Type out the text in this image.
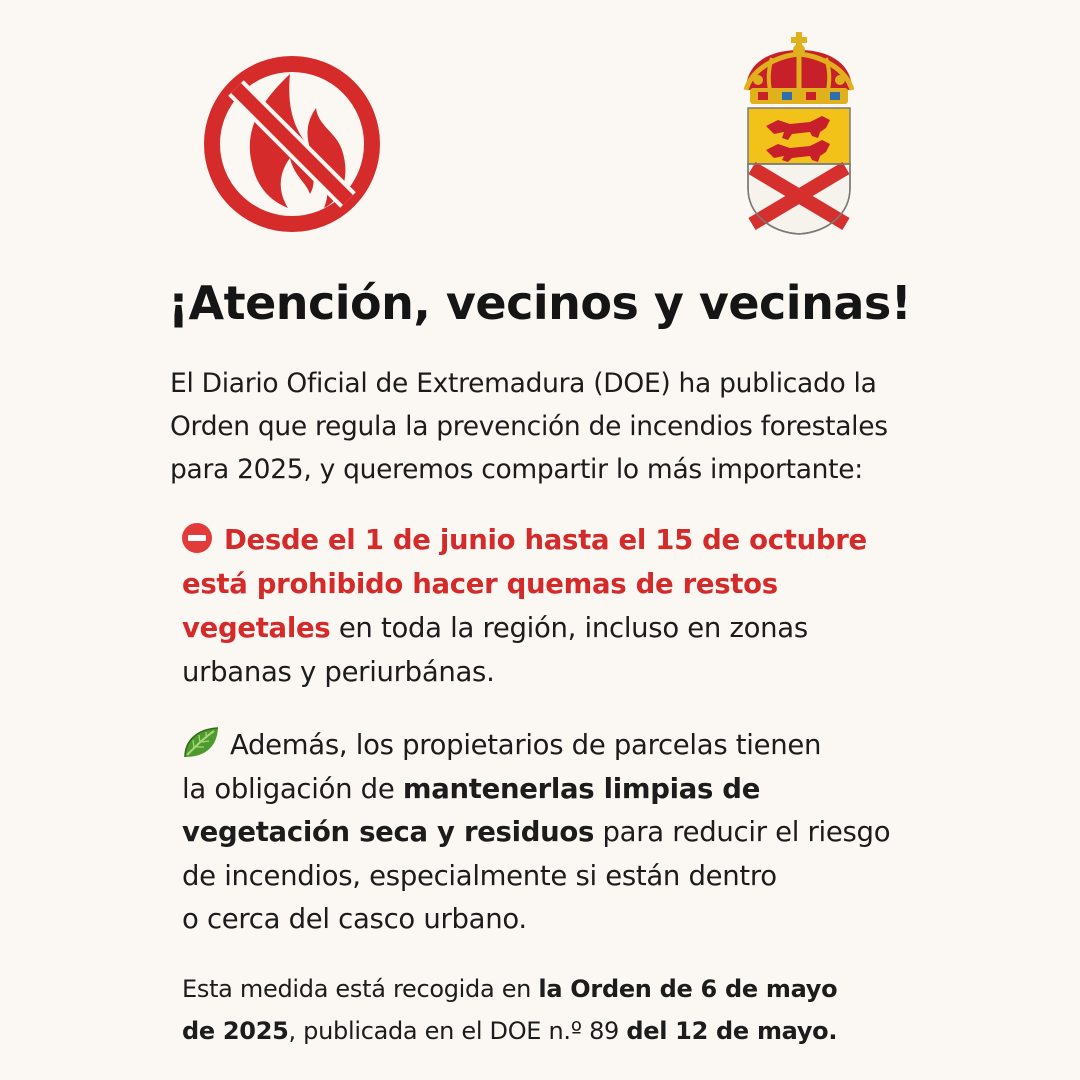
¡Atención, vecinos y vecinas!
El Diario Oficial de Extremadura (DOE) ha publicado la
Orden que regula la prevención de incendios forestales
para 2025, y queremos compartir lo más importante:
Desde el 1 de junio hasta el 15 de octubre
está prohibido hacer quemas de restos
vegetales en toda la región, incluso en zonas
urbanas y periurbánas.
Además, los propietarios de parcelas tienen
la obligación de mantenerlas limpias de
vegetación seca y residuos para reducir el riesgo
de incendios, especialmente si están dentro
o cerca del casco urbano.
Esta medida está recogida en la Orden de 6 de mayo
de 2025, publicada en el DOE n.º 89 del 12 de mayo.
